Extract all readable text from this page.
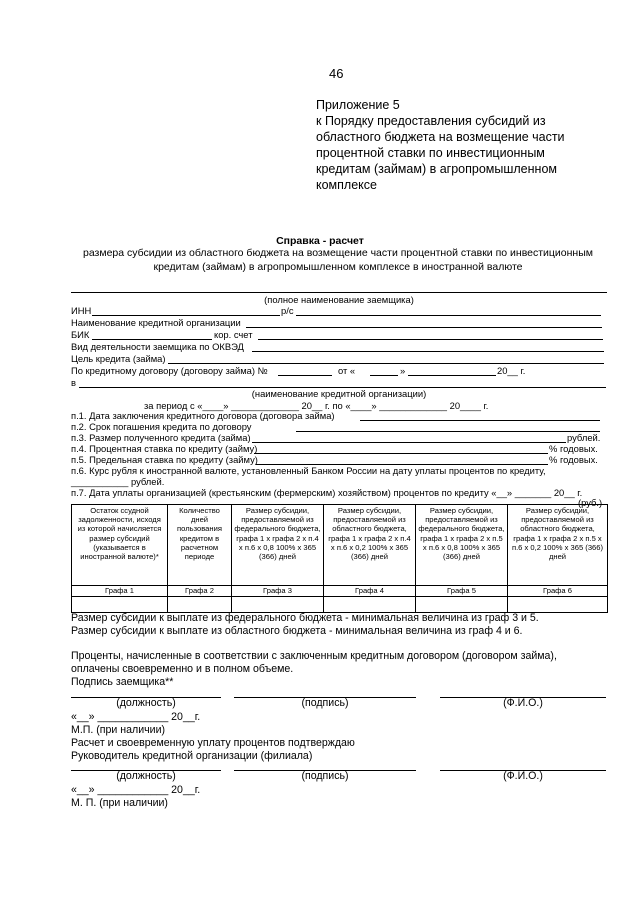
46
Приложение 5
к Порядку предоставления субсидий из
областного бюджета на возмещение части
процентной ставки по инвестиционным
кредитам (займам) в агропромышленном
комплексе
Справка - расчет
размера субсидии из областного бюджета на возмещение части процентной ставки по инвестиционным
кредитам (займам) в агропромышленном комплексе в иностранной валюте
(полное наименование заемщика)
ИНН	р/с
Наименование кредитной организации
БИК	кор. счет
Вид деятельности заемщика по ОКВЭД
Цель кредита (займа)
По кредитному договору (договору займа) №	от «	»	20__ г.
в
(наименование кредитной организации)
за период с «____» _____________ 20__ г. по «____» _____________ 20____ г.
п.1. Дата заключения кредитного договора (договора займа)
п.2. Срок погашения кредита по договору
п.3. Размер полученного кредита (займа)	рублей.
п.4. Процентная ставка по кредиту (займу)	% годовых.
п.5. Предельная ставка по кредиту (займу)	% годовых.
п.6. Курс рубля к иностранной валюте, установленный Банком России на дату уплаты процентов по кредиту,
___________ рублей.
п.7. Дата уплаты организацией (крестьянским (фермерским) хозяйством) процентов по кредиту «__» _______ 20__ г.
(руб.)
Остаток ссудной задолженности, исходя из которой начисляется размер субсидий (указывается в иностранной валюте)*	Количество дней пользования кредитом в расчетном периоде	Размер субсидии, предоставляемой из федерального бюджета, графа 1 х графа 2 х п.4 х п.6 х 0,8 100% х 365 (366) дней	Размер субсидии, предоставляемой из областного бюджета, графа 1 х графа 2 х п.4 х п.6 х 0,2 100% х 365 (366) дней	Размер субсидии, предоставляемой из федерального бюджета, графа 1 х графа 2 х п.5 х п.6 х 0,8 100% х 365 (366) дней	Размер субсидии, предоставляемой из областного бюджета, графа 1 х графа 2 х п.5 х п.6 х 0,2 100% х 365 (366) дней
Графа 1	Графа 2	Графа 3	Графа 4	Графа 5	Графа 6

Размер субсидии к выплате из федерального бюджета - минимальная величина из граф 3 и 5.
Размер субсидии к выплате из областного бюджета - минимальная величина из граф 4 и 6.
Проценты, начисленные в соответствии с заключенным кредитным договором (договором займа),
оплачены своевременно и в полном объеме.
Подпись заемщика**
(должность)	(подпись)	(Ф.И.О.)
«__» ____________ 20__г.
М.П. (при наличии)
Расчет и своевременную уплату процентов подтверждаю
Руководитель кредитной организации (филиала)
(должность)	(подпись)	(Ф.И.О.)
«__» ____________ 20__г.
М. П. (при наличии)
